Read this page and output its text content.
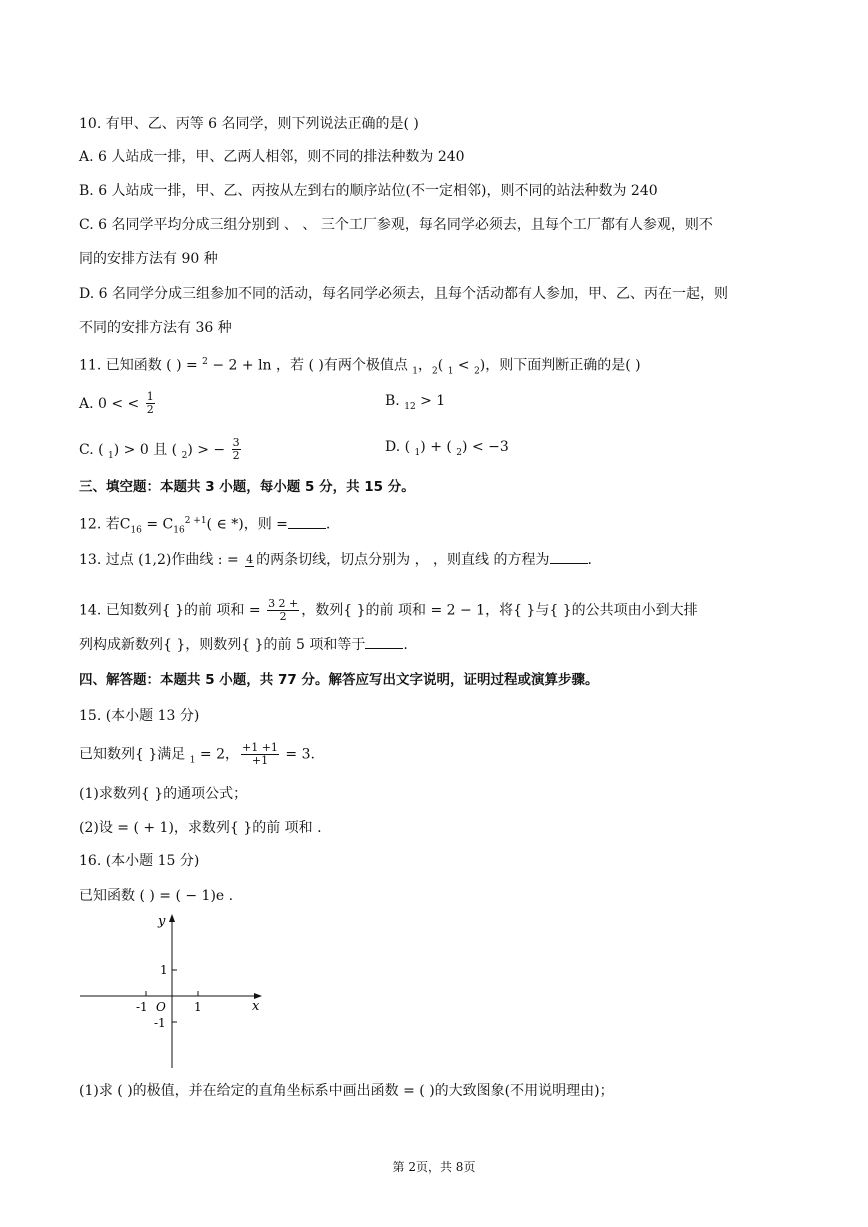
10. 有甲、乙、丙等 6 名同学，则下列说法正确的是( )
A. 6 人站成一排，甲、乙两人相邻，则不同的排法种数为 240
B. 6 人站成一排，甲、乙、丙按从左到右的顺序站位(不一定相邻)，则不同的站法种数为 240
C. 6 名同学平均分成三组分别到 、 、 三个工厂参观，每名同学必须去，且每个工厂都有人参观，则不
同的安排方法有 90 种
D. 6 名同学分成三组参加不同的活动，每名同学必须去，且每个活动都有人参加，甲、乙、丙在一起，则
不同的安排方法有 36 种
11. 已知函数 ( ) = $^2$ − 2 + ln ，若 ( )有两个极值点 $_1$，$_2$( $_1$ < $_2$)，则下面判断正确的是( )
A. 0 < < $\frac{1}{2}$	B. $_{12}$ > 1
C. ( $_1$) > 0 且 ( $_2$) > − $\frac{3}{2}$	D. ( $_1$) + ( $_2$) < −3
三、填空题：本题共 3 小题，每小题 5 分，共 15 分。
12. 若$C_{16} = C_{16}^{2 +1}$( ∈ *)，则 =	.
13. 过点 (1,2)作曲线 : = 4 的两条切线，切点分别为 ， ，则直线 的方程为	.
14. 已知数列{ }的前 项和 = $\frac{3 2 +}{2}$ ，数列{ }的前 项和 = 2 − 1，将{ }与{ }的公共项由小到大排
列构成新数列{ }，则数列{ }的前 5 项和等于	.
四、解答题：本题共 5 小题，共 77 分。解答应写出文字说明，证明过程或演算步骤。
15. (本小题 13 分)
已知数列{ }满足 $_1$ = 2， $\frac{+1 +1}{+1} = 3$.
(1)求数列{ }的通项公式；
(2)设 = ( + 1)，求数列{ }的前 项和 .
16. (本小题 15 分)
已知函数 ( ) = ( − 1)e .
y
x
O
1
-1
1
-1
(1)求 ( )的极值，并在给定的直角坐标系中画出函数 = ( )的大致图象(不用说明理由)；
第 2页，共 8页
